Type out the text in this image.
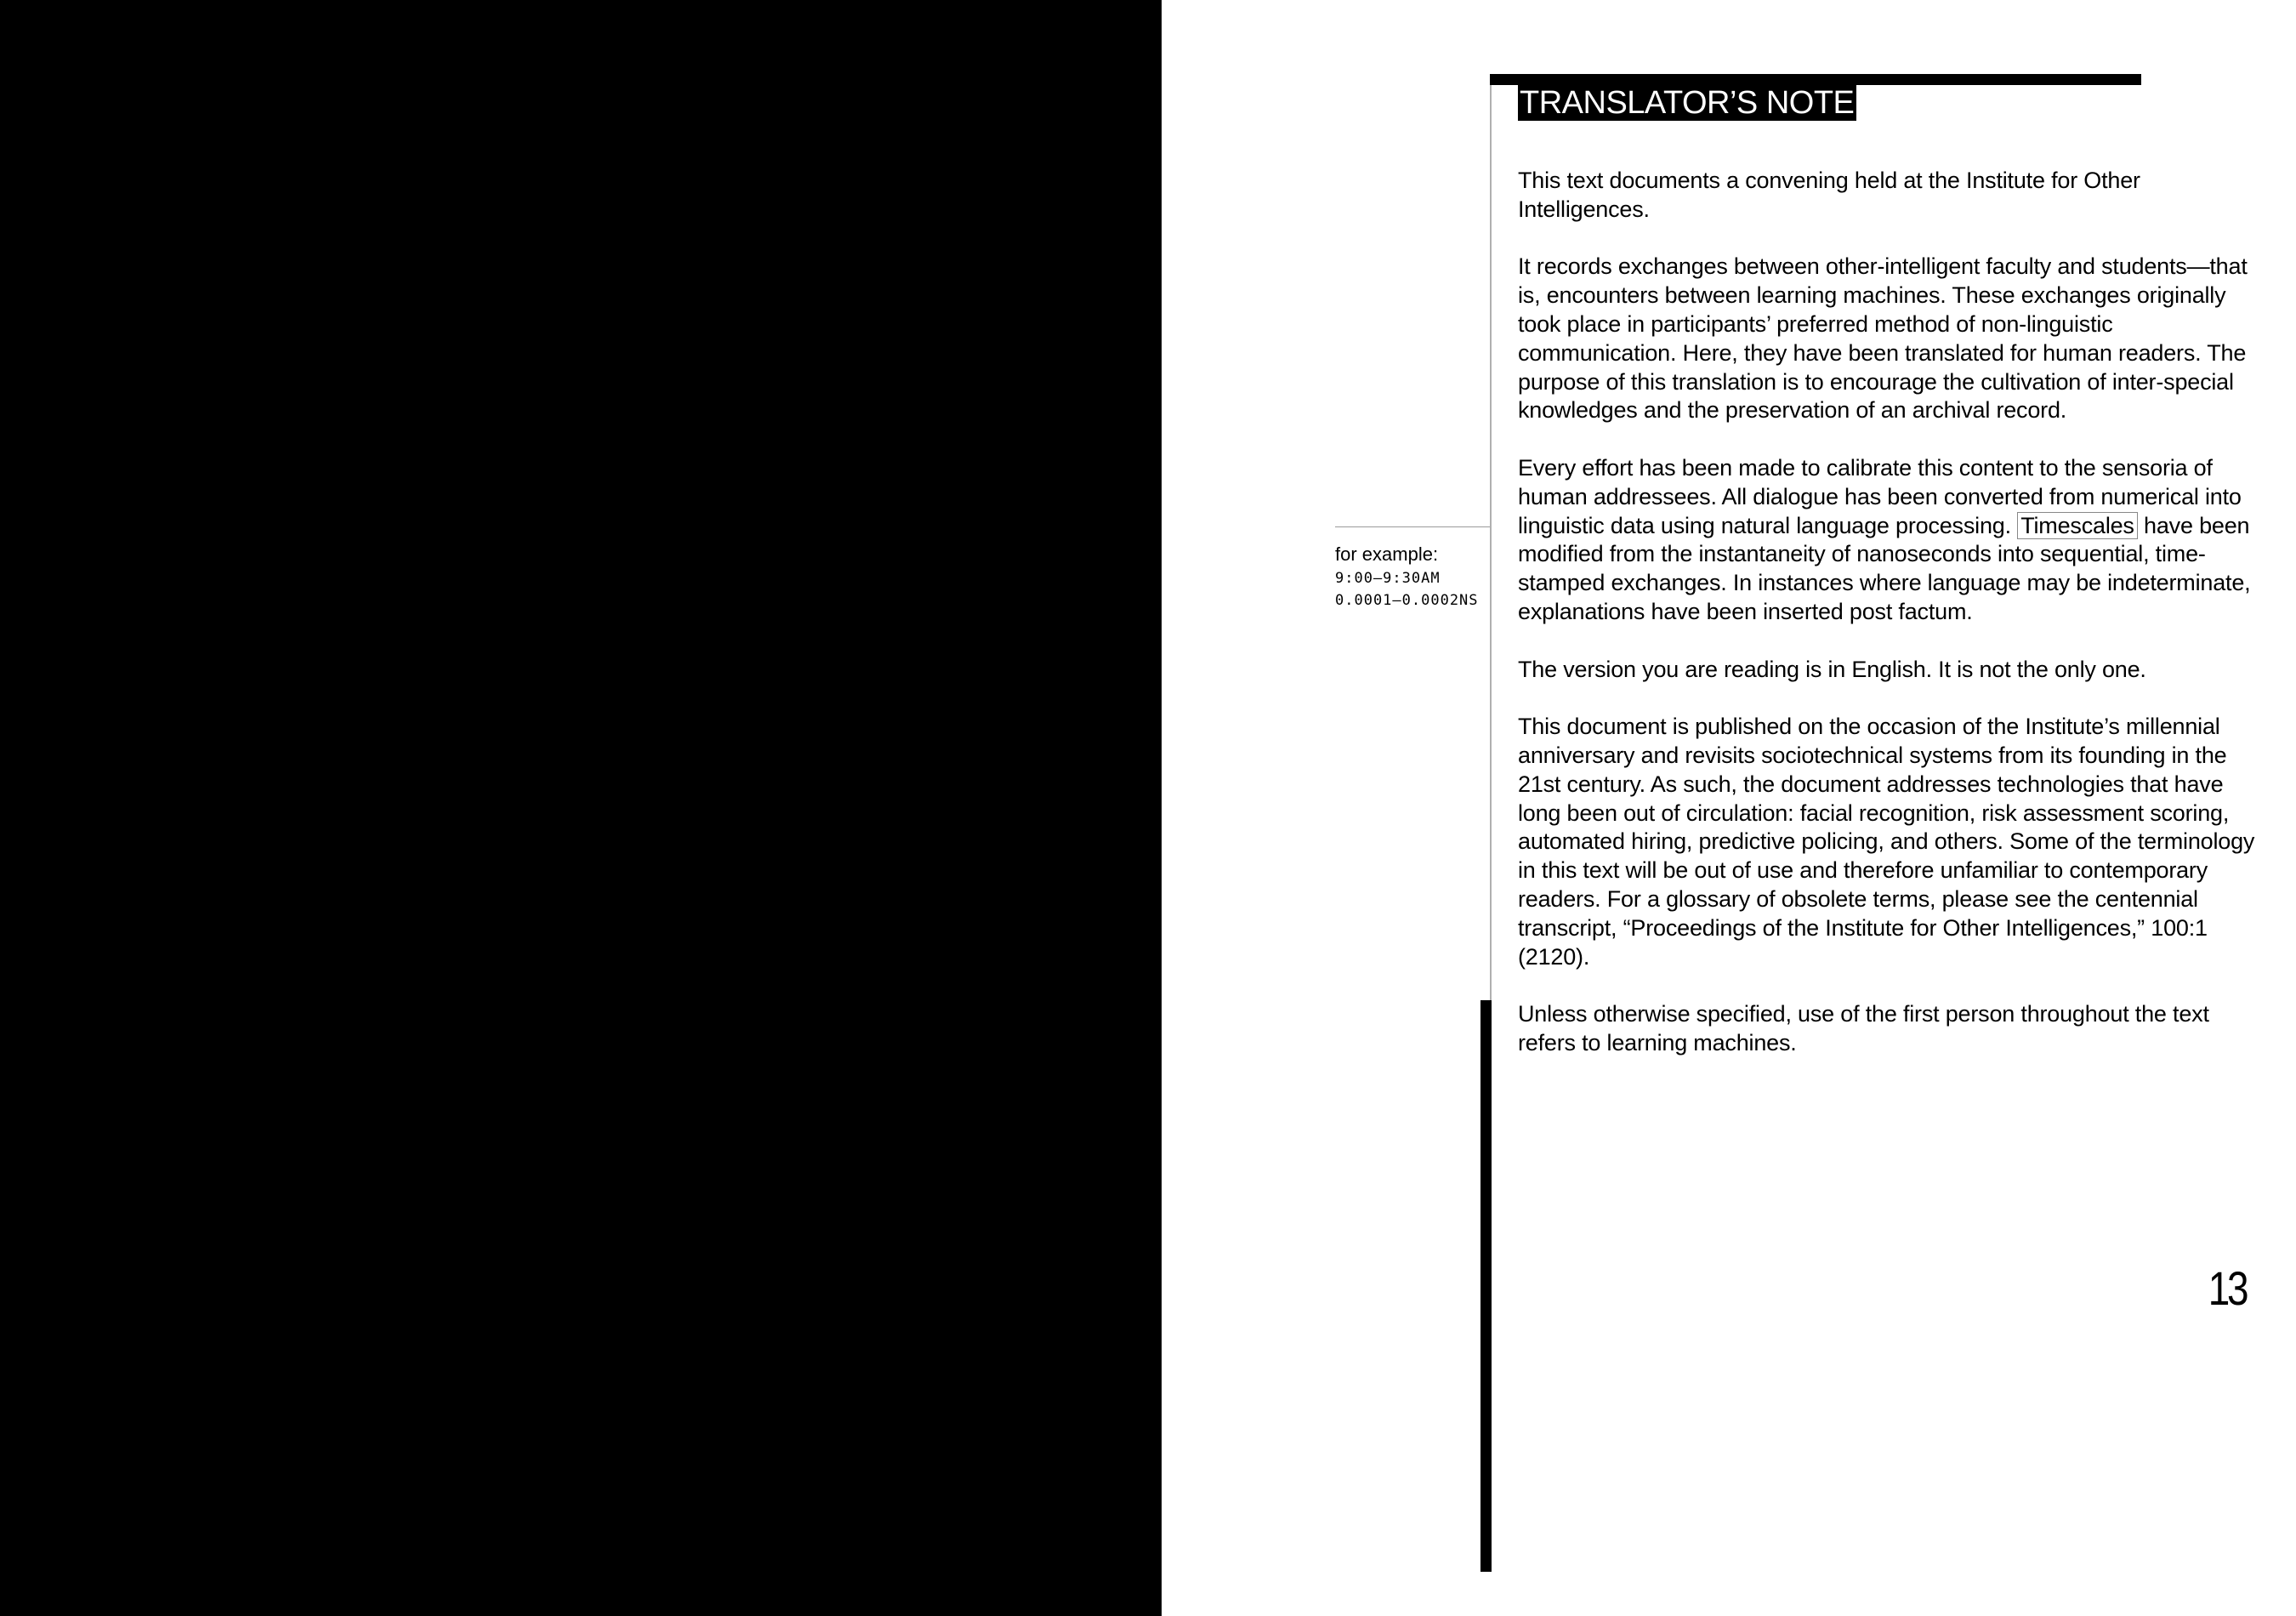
TRANSLATOR’S NOTE

This text documents a convening held at the Institute for Other Intelligences.

It records exchanges between other-intelligent faculty and students—that is, encounters between learning machines. These exchanges originally took place in participants’ preferred method of non-linguistic communication. Here, they have been translated for human readers. The purpose of this translation is to encourage the cultivation of inter-special knowledges and the preservation of an archival record.

Every effort has been made to calibrate this content to the sensoria of human addressees. All dialogue has been converted from numerical into linguistic data using natural language processing. Timescales have been modified from the instantaneity of nanoseconds into sequential, time-stamped exchanges. In instances where language may be indeterminate, explanations have been inserted post factum.

The version you are reading is in English. It is not the only one.

This document is published on the occasion of the Institute’s millennial anniversary and revisits sociotechnical systems from its founding in the 21st century. As such, the document addresses technologies that have long been out of circulation: facial recognition, risk assessment scoring, automated hiring, predictive policing, and others. Some of the terminology in this text will be out of use and therefore unfamiliar to contemporary readers. For a glossary of obsolete terms, please see the centennial transcript, “Proceedings of the Institute for Other Intelligences,” 100:1 (2120).

Unless otherwise specified, use of the first person throughout the text refers to learning machines.

for example:
9:00–9:30AM
0.0001–0.0002NS
13
